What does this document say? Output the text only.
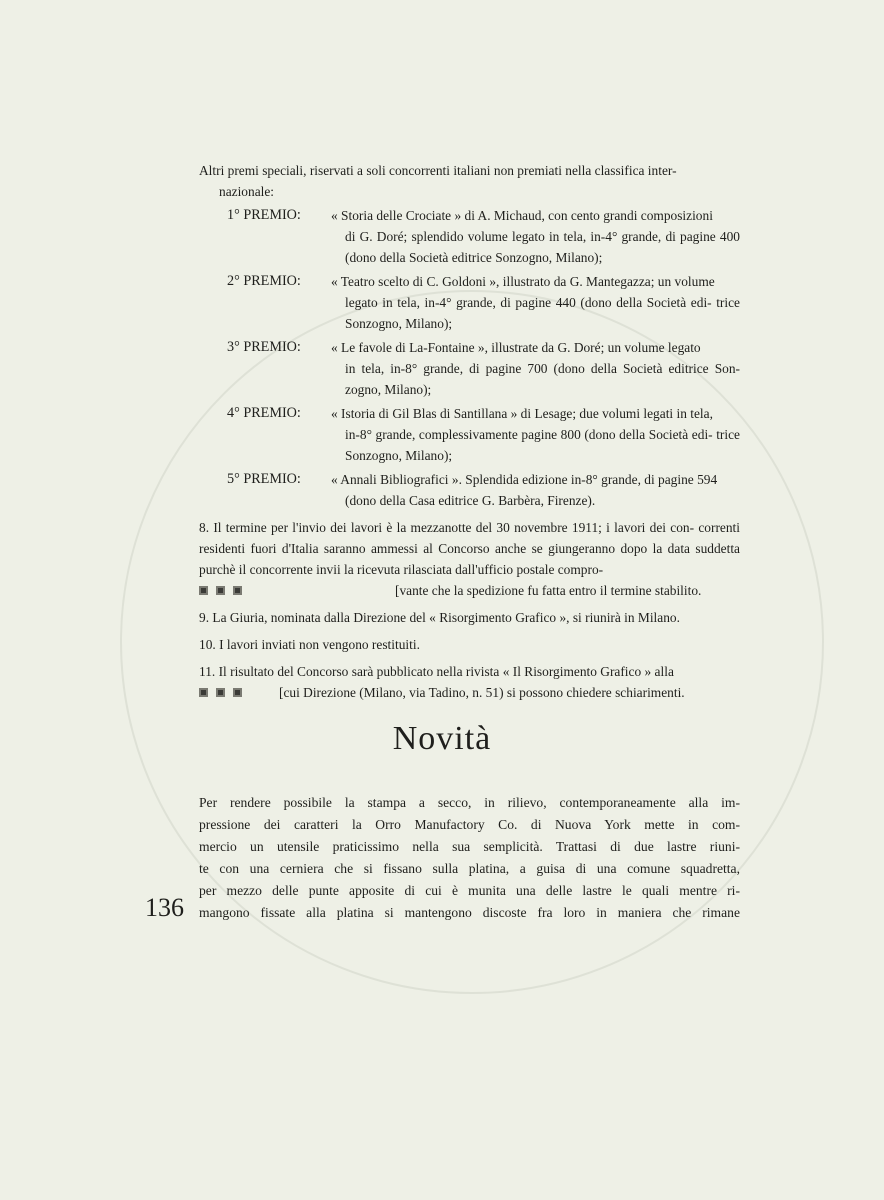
Altri premi speciali, riservati a soli concorrenti italiani non premiati nella classifica inter-
nazionale:

1° PREMIO:	« Storia delle Crociate » di A. Michaud, con cento grandi composizioni
di G. Doré; splendido volume legato in tela, in-4° grande, di pagine 400 (dono della Società editrice Sonzogno, Milano);
2° PREMIO:	« Teatro scelto di C. Goldoni », illustrato da G. Mantegazza; un volume
legato in tela, in-4° grande, di pagine 440 (dono della Società edi- trice Sonzogno, Milano);
3° PREMIO:	« Le favole di La-Fontaine », illustrate da G. Doré; un volume legato
in tela, in-8° grande, di pagine 700 (dono della Società editrice Son- zogno, Milano);
4° PREMIO:	« Istoria di Gil Blas di Santillana » di Lesage; due volumi legati in tela,
in-8° grande, complessivamente pagine 800 (dono della Società edi- trice Sonzogno, Milano);
5° PREMIO:	« Annali Bibliografici ». Splendida edizione in-8° grande, di pagine 594
(dono della Casa editrice G. Barbèra, Firenze).
8. Il termine per l'invio dei lavori è la mezzanotte del 30 novembre 1911; i lavori dei con- correnti residenti fuori d'Italia saranno ammessi al Concorso anche se giungeranno dopo la data suddetta purchè il concorrente invii la ricevuta rilasciata dall'ufficio postale compro-
[vante che la spedizione fu fatta entro il termine stabilito.
9. La Giuria, nominata dalla Direzione del « Risorgimento Grafico », si riunirà in Milano.
10. I lavori inviati non vengono restituiti.
11. Il risultato del Concorso sarà pubblicato nella rivista « Il Risorgimento Grafico » alla
[cui Direzione (Milano, via Tadino, n. 51) si possono chiedere schiarimenti.
Novità
Per rendere possibile la stampa a secco, in rilievo, contemporaneamente alla im-
pressione dei caratteri la Orro Manufactory Co. di Nuova York mette in com-
mercio un utensile praticissimo nella sua semplicità. Trattasi di due lastre riuni-
te con una cerniera che si fissano sulla platina, a guisa di una comune squadretta,
per mezzo delle punte apposite di cui è munita una delle lastre le quali mentre ri-
mangono fissate alla platina si mantengono discoste fra loro in maniera che rimane
136
